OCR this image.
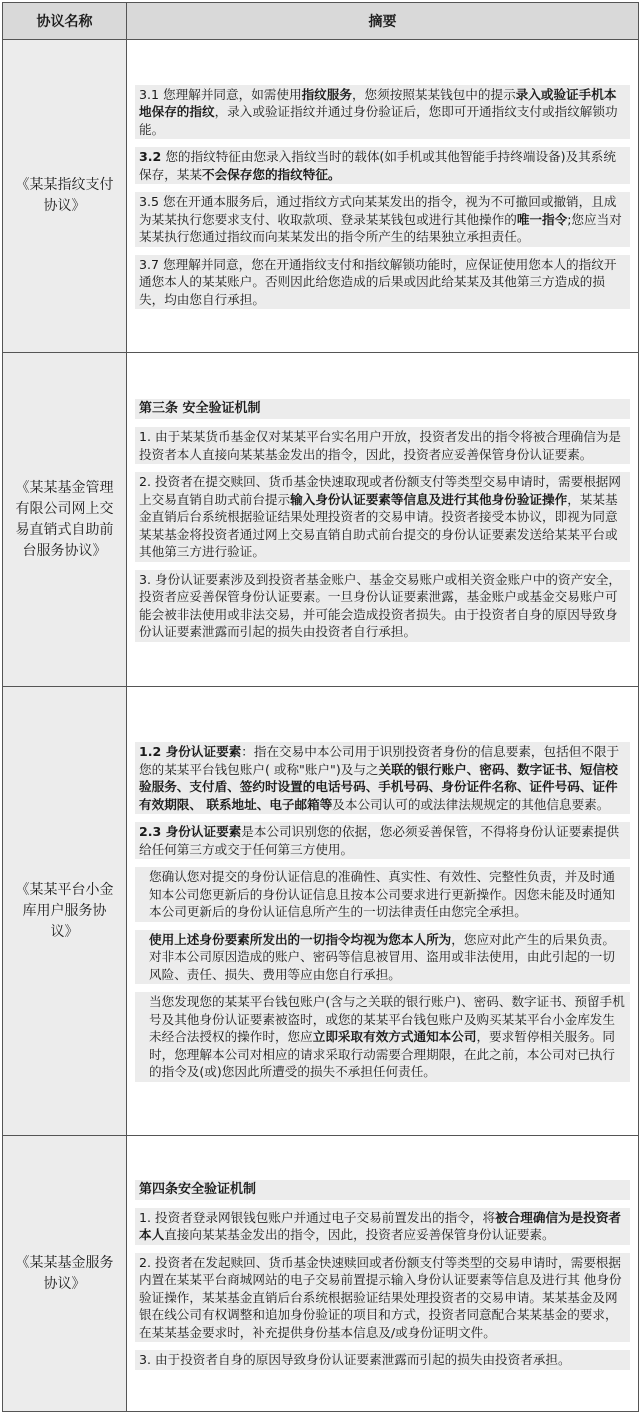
协议名称	摘要
《某某指纹支付协议》	3.1 您理解并同意，如需使用指纹服务，您须按照某某钱包中的提示录入或验证手机本地保存的指纹，录入或验证指纹并通过身份验证后，您即可开通指纹支付或指纹解锁功能。
3.2 您的指纹特征由您录入指纹当时的载体(如手机或其他智能手持终端设备)及其系统保存，某某不会保存您的指纹特征。
3.5 您在开通本服务后，通过指纹方式向某某发出的指令，视为不可撤回或撤销，且成为某某执行您要求支付、收取款项、登录某某钱包或进行其他操作的唯一指令;您应当对某某执行您通过指纹而向某某发出的指令所产生的结果独立承担责任。
3.7 您理解并同意，您在开通指纹支付和指纹解锁功能时，应保证使用您本人的指纹开通您本人的某某账户。否则因此给您造成的后果或因此给某某及其他第三方造成的损失，均由您自行承担。

《某某基金管理有限公司网上交易直销式自助前台服务协议》	第三条 安全验证机制
1. 由于某某货币基金仅对某某平台实名用户开放，投资者发出的指令将被合理确信为是投资者本人直接向某某基金发出的指令，因此，投资者应妥善保管身份认证要素。
2. 投资者在提交赎回、货币基金快速取现或者份额支付等类型交易申请时，需要根据网上交易直销自助式前台提示输入身份认证要素等信息及进行其他身份验证操作，某某基金直销后台系统根据验证结果处理投资者的交易申请。投资者接受本协议，即视为同意某某基金将投资者通过网上交易直销自助式前台提交的身份认证要素发送给某某平台或其他第三方进行验证。
3. 身份认证要素涉及到投资者基金账户、基金交易账户或相关资金账户中的资产安全，投资者应妥善保管身份认证要素。一旦身份认证要素泄露，基金账户或基金交易账户可能会被非法使用或非法交易，并可能会造成投资者损失。由于投资者自身的原因导致身份认证要素泄露而引起的损失由投资者自行承担。

《某某平台小金库用户服务协议》	1.2 身份认证要素：指在交易中本公司用于识别投资者身份的信息要素，包括但不限于您的某某平台钱包账户( 或称"账户")及与之关联的银行账户、密码、数字证书、短信校验服务、支付盾、签约时设置的电话号码、手机号码、身份证件名称、证件号码、证件有效期限、 联系地址、电子邮箱等及本公司认可的或法律法规规定的其他信息要素。
2.3 身份认证要素是本公司识别您的依据，您必须妥善保管，不得将身份认证要素提供给任何第三方或交于任何第三方使用。
您确认您对提交的身份认证信息的准确性、真实性、有效性、完整性负责，并及时通知本公司您更新后的身份认证信息且按本公司要求进行更新操作。因您未能及时通知本公司更新后的身份认证信息所产生的一切法律责任由您完全承担。
使用上述身份要素所发出的一切指令均视为您本人所为，您应对此产生的后果负责。对非本公司原因造成的账户、密码等信息被冒用、盗用或非法使用，由此引起的一切风险、责任、损失、费用等应由您自行承担。
当您发现您的某某平台钱包账户(含与之关联的银行账户)、密码、数字证书、预留手机号及其他身份认证要素被盗时，或您的某某平台钱包账户及购买某某平台小金库发生未经合法授权的操作时，您应立即采取有效方式通知本公司，要求暂停相关服务。同时，您理解本公司对相应的请求采取行动需要合理期限，在此之前，本公司对已执行的指令及(或)您因此所遭受的损失不承担任何责任。

《某某基金服务协议》	第四条安全验证机制
1. 投资者登录网银钱包账户并通过电子交易前置发出的指令，将被合理确信为是投资者本人直接向某某基金发出的指令，因此，投资者应妥善保管身份认证要素。
2. 投资者在发起赎回、货币基金快速赎回或者份额支付等类型的交易申请时，需要根据内置在某某平台商城网站的电子交易前置提示输入身份认证要素等信息及进行其 他身份验证操作，某某基金直销后台系统根据验证结果处理投资者的交易申请。某某基金及网银在线公司有权调整和追加身份验证的项目和方式，投资者同意配合某某基金的要求，在某某基金要求时，补充提供身份基本信息及/或身份证明文件。
3. 由于投资者自身的原因导致身份认证要素泄露而引起的损失由投资者承担。
